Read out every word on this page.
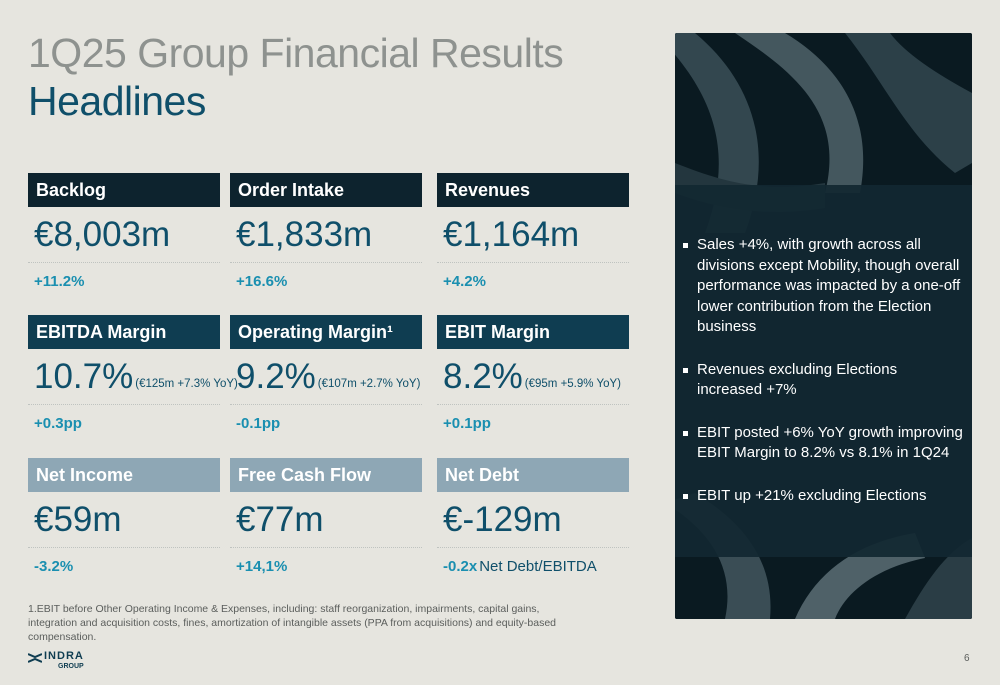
1Q25 Group Financial Results
Headlines
Backlog
€8,003m
+11.2%
Order Intake
€1,833m
+16.6%
Revenues
€1,164m
+4.2%
EBITDA Margin
10.7% (€125m +7.3% YoY)
+0.3pp
Operating Margin¹
9.2% (€107m +2.7% YoY)
-0.1pp
EBIT Margin
8.2% (€95m +5.9% YoY)
+0.1pp
Net Income
€59m
-3.2%
Free Cash Flow
€77m
+14,1%
Net Debt
€-129m
-0.2x Net Debt/EBITDA
1.EBIT before Other Operating Income & Expenses, including: staff reorganization, impairments, capital gains, integration and acquisition costs, fines, amortization of intangible assets (PPA from acquisitions) and equity-based compensation.
INDRA
GROUP
6
Sales +4%, with growth across all divisions except Mobility, though overall performance was impacted by a one-off lower contribution from the Election business
Revenues excluding Elections increased +7%
EBIT posted +6% YoY growth improving EBIT Margin to 8.2% vs 8.1% in 1Q24
EBIT up +21% excluding Elections
